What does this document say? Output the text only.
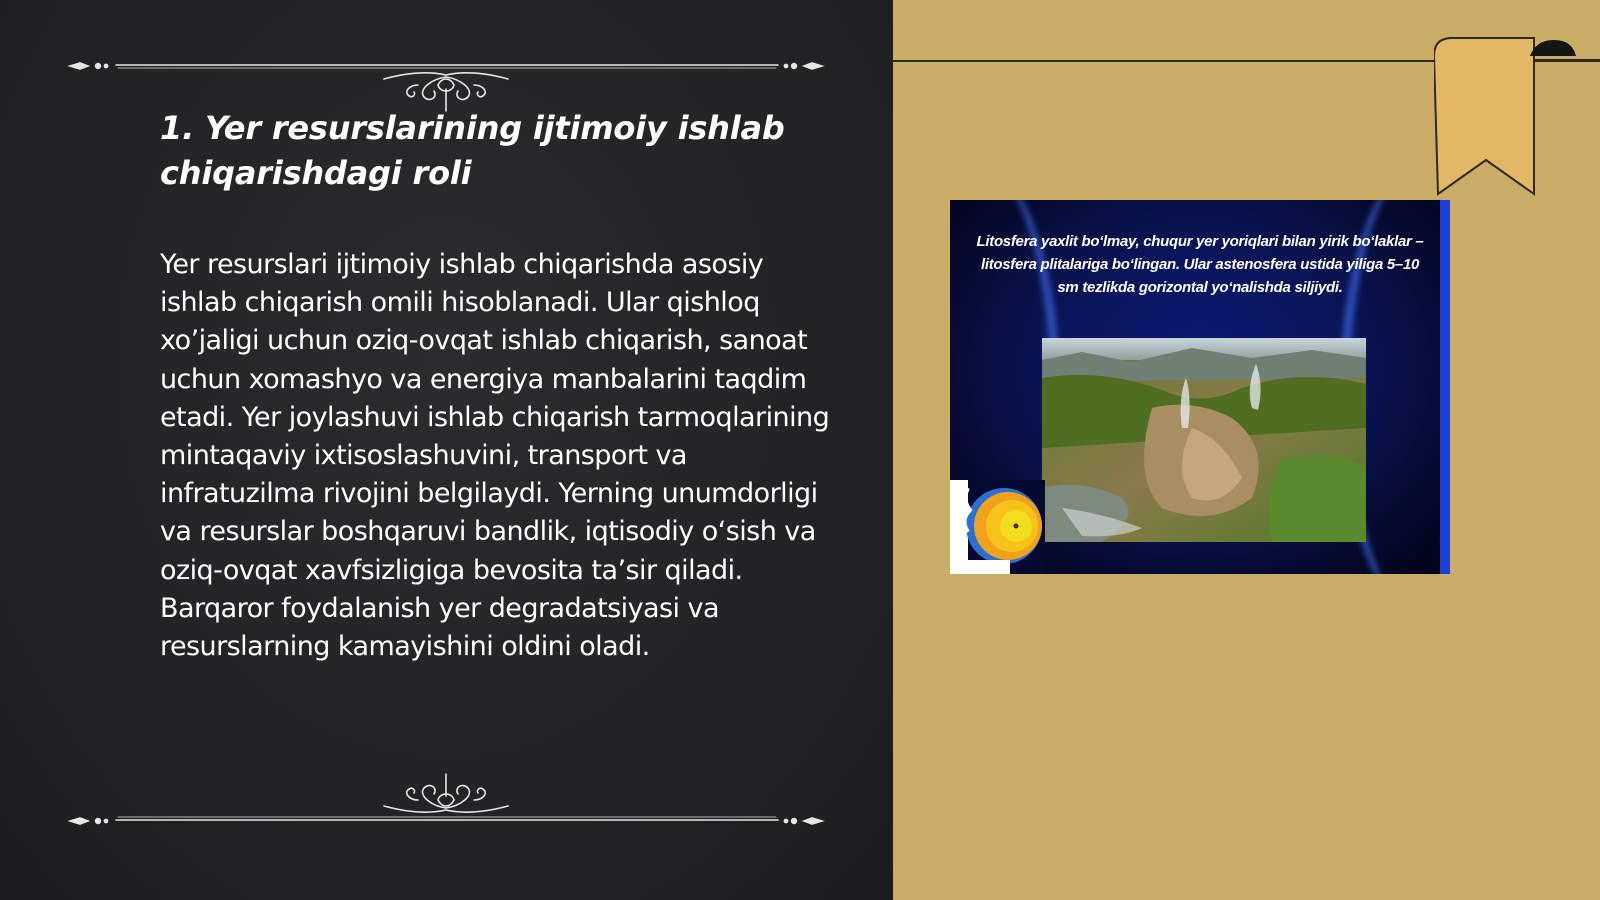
1. Yer resurslarining ijtimoiy ishlab chiqarishdagi roli

Yer resurslari ijtimoiy ishlab chiqarishda asosiy ishlab chiqarish omili hisoblanadi. Ular qishloq xo’jaligi uchun oziq-ovqat ishlab chiqarish, sanoat uchun xomashyo va energiya manbalarini taqdim etadi. Yer joylashuvi ishlab chiqarish tarmoqlarining mintaqaviy ixtisoslashuvini, transport va infratuzilma rivojini belgilaydi. Yerning unumdorligi va resurslar boshqaruvi bandlik, iqtisodiy o‘sish va oziq-ovqat xavfsizligiga bevosita ta’sir qiladi. Barqaror foydalanish yer degradatsiyasi va resurslarning kamayishini oldini oladi.

Litosfera yaxlit bo‘lmay, chuqur yer yoriqlari bilan yirik bo‘laklar – litosfera plitalariga bo‘lingan. Ular astenosfera ustida yiliga 5–10 sm tezlikda gorizontal yo‘nalishda siljiydi.
